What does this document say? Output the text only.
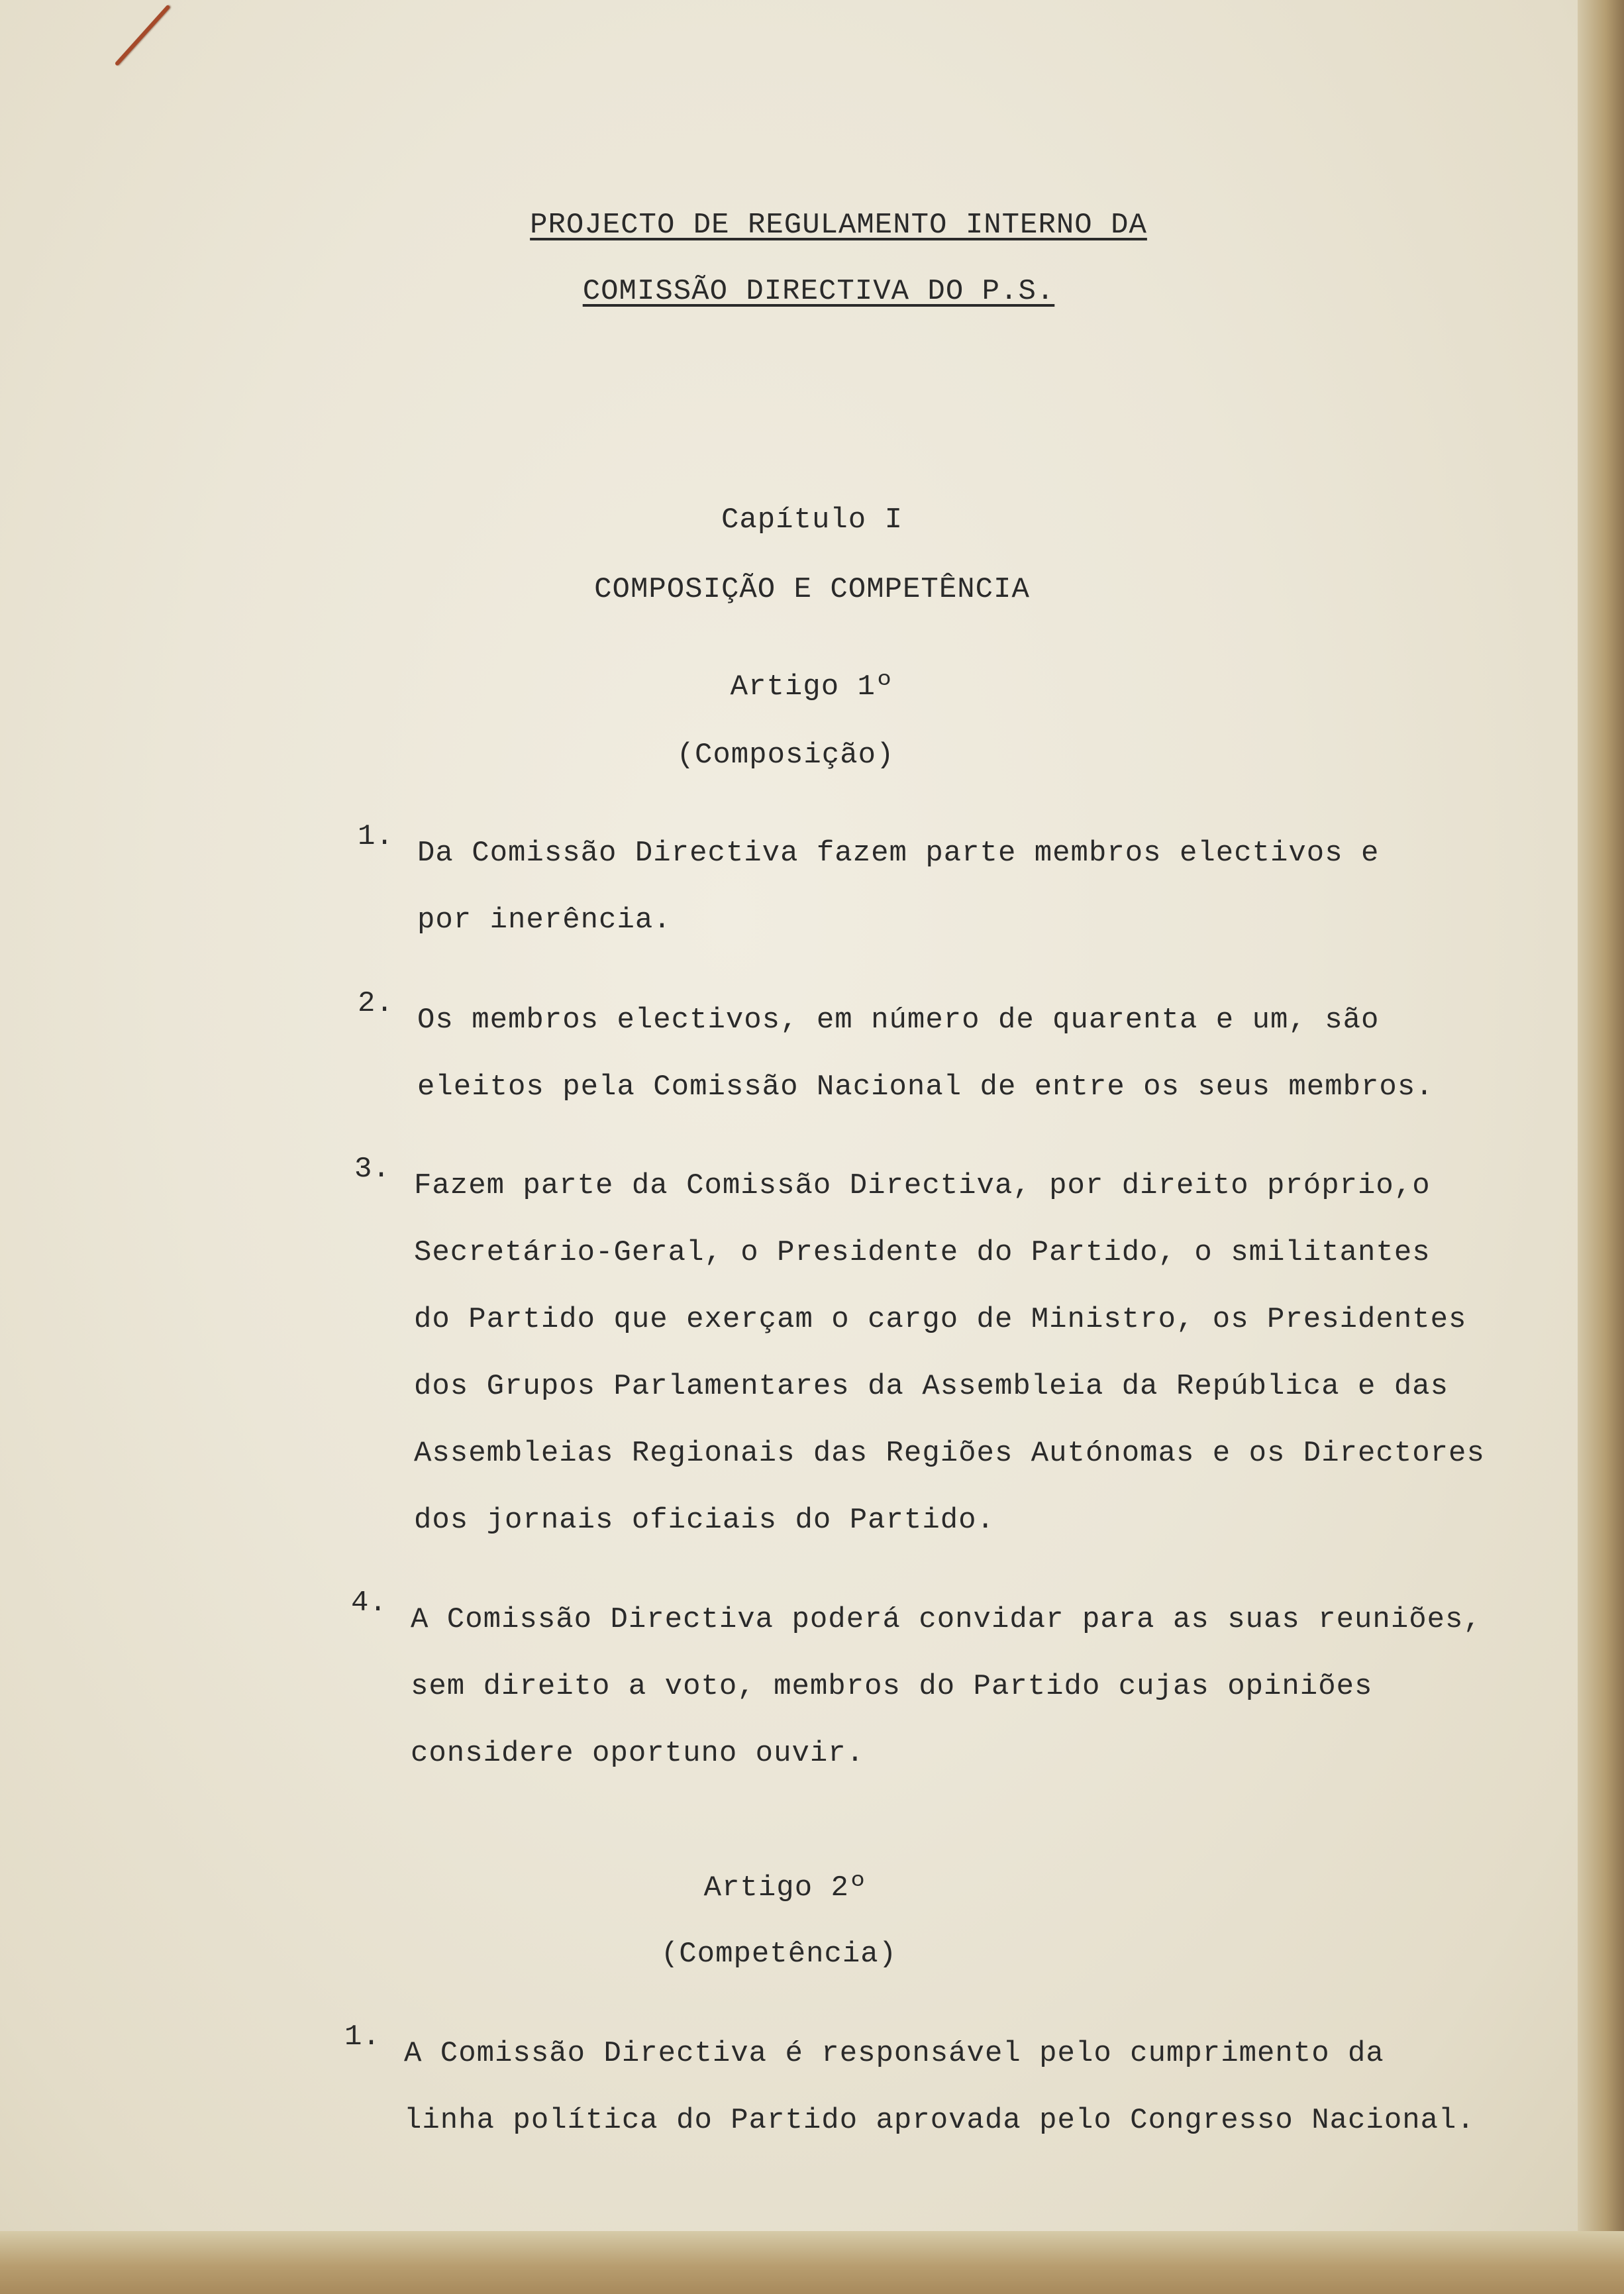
PROJECTO DE REGULAMENTO INTERNO DA
COMISSÃO DIRECTIVA DO P.S.
Capítulo I
COMPOSIÇÃO E COMPETÊNCIA
Artigo 1º
(Composição)
1. Da Comissão Directiva fazem parte membros electivos e
por inerência.
2. Os membros electivos, em número de quarenta e um, são
eleitos pela Comissão Nacional de entre os seus membros.
3. Fazem parte da Comissão Directiva, por direito próprio,o
Secretário-Geral, o Presidente do Partido, o smilitantes
do Partido que exerçam o cargo de Ministro, os Presidentes
dos Grupos Parlamentares da Assembleia da República e das
Assembleias Regionais das Regiões Autónomas e os Directores
dos jornais oficiais do Partido.
4. A Comissão Directiva poderá convidar para as suas reuniões,
sem direito a voto, membros do Partido cujas opiniões
considere oportuno ouvir.
Artigo 2º
(Competência)
1. A Comissão Directiva é responsável pelo cumprimento da
linha política do Partido aprovada pelo Congresso Nacional.
